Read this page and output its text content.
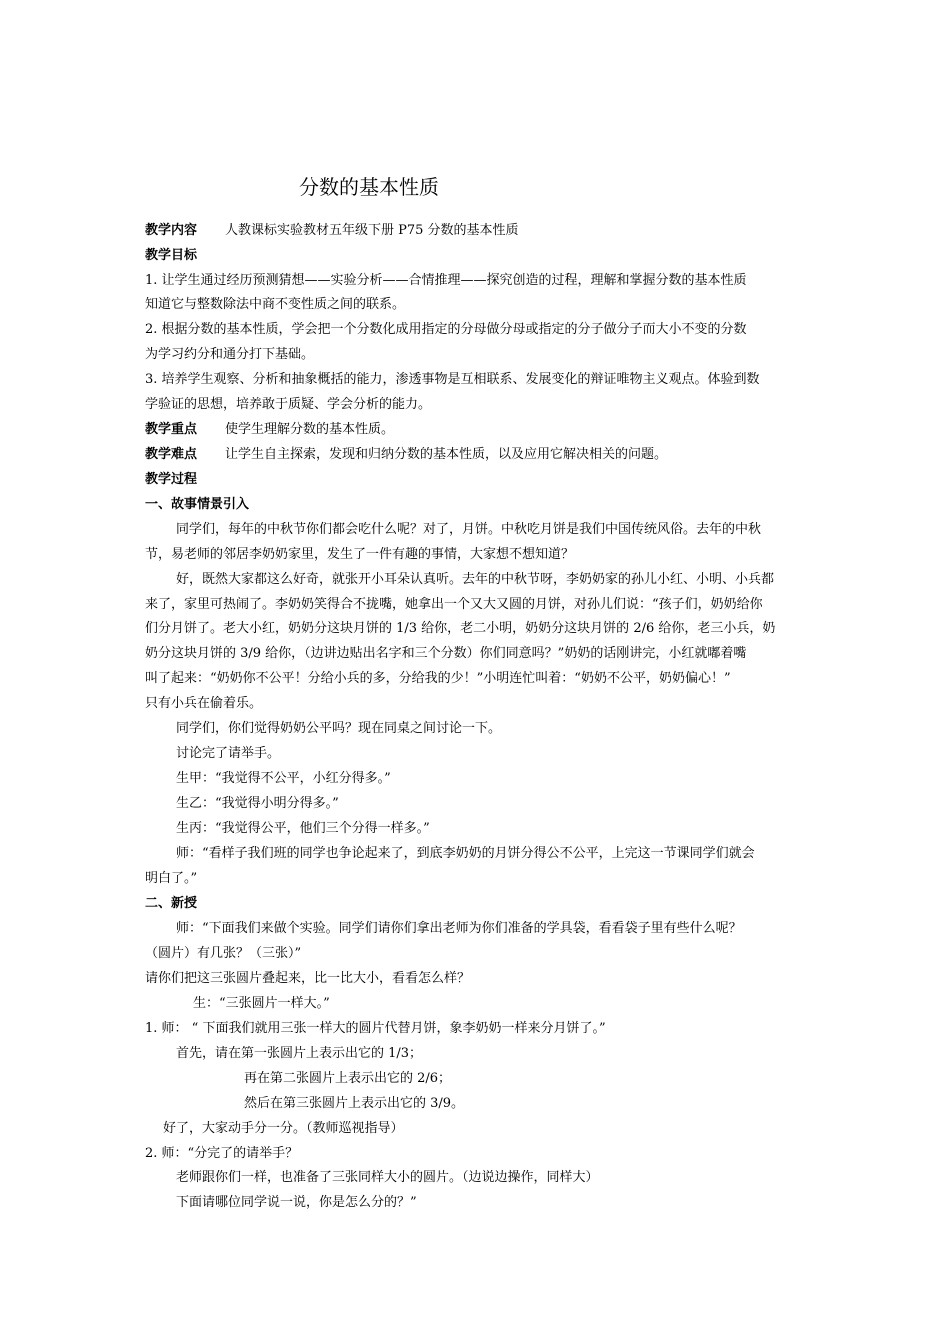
分数的基本性质
教学内容 人教课标实验教材五年级下册 P75 分数的基本性质
教学目标
1. 让学生通过经历预测猜想——实验分析——合情推理——探究创造的过程，理解和掌握分数的基本性质
知道它与整数除法中商不变性质之间的联系。
2. 根据分数的基本性质，学会把一个分数化成用指定的分母做分母或指定的分子做分子而大小不变的分数
为学习约分和通分打下基础。
3. 培养学生观察、分析和抽象概括的能力，渗透事物是互相联系、发展变化的辩证唯物主义观点。体验到数
学验证的思想，培养敢于质疑、学会分析的能力。
教学重点 使学生理解分数的基本性质。
教学难点 让学生自主探索，发现和归纳分数的基本性质，以及应用它解决相关的问题。
教学过程
一、故事情景引入
同学们，每年的中秋节你们都会吃什么呢？对了，月饼。中秋吃月饼是我们中国传统风俗。去年的中秋
节，易老师的邻居李奶奶家里，发生了一件有趣的事情，大家想不想知道？
好，既然大家都这么好奇，就张开小耳朵认真听。去年的中秋节呀，李奶奶家的孙儿小红、小明、小兵都
来了，家里可热闹了。李奶奶笑得合不拢嘴，她拿出一个又大又圆的月饼，对孙儿们说：“孩子们，奶奶给你
们分月饼了。老大小红，奶奶分这块月饼的 1/3 给你，老二小明，奶奶分这块月饼的 2/6 给你，老三小兵，奶
奶分这块月饼的 3/9 给你，（边讲边贴出名字和三个分数）你们同意吗？”奶奶的话刚讲完，小红就嘟着嘴
叫了起来：“奶奶你不公平！分给小兵的多，分给我的少！”小明连忙叫着：“奶奶不公平，奶奶偏心！”
只有小兵在偷着乐。
同学们，你们觉得奶奶公平吗？现在同桌之间讨论一下。
讨论完了请举手。
生甲：“我觉得不公平，小红分得多。”
生乙：“我觉得小明分得多。”
生丙：“我觉得公平，他们三个分得一样多。”
师：“看样子我们班的同学也争论起来了，到底李奶奶的月饼分得公不公平，上完这一节课同学们就会
明白了。”
二、新授
师：“下面我们来做个实验。同学们请你们拿出老师为你们准备的学具袋，看看袋子里有些什么呢？
（圆片）有几张？（三张）”
请你们把这三张圆片叠起来，比一比大小，看看怎么样？
生：“三张圆片一样大。”
1. 师： “ 下面我们就用三张一样大的圆片代替月饼，象李奶奶一样来分月饼了。”
首先，请在第一张圆片上表示出它的 1/3；
再在第二张圆片上表示出它的 2/6；
然后在第三张圆片上表示出它的 3/9。
好了，大家动手分一分。（教师巡视指导）
2. 师：“分完了的请举手？
老师跟你们一样，也准备了三张同样大小的圆片。（边说边操作，同样大）
下面请哪位同学说一说，你是怎么分的？”
